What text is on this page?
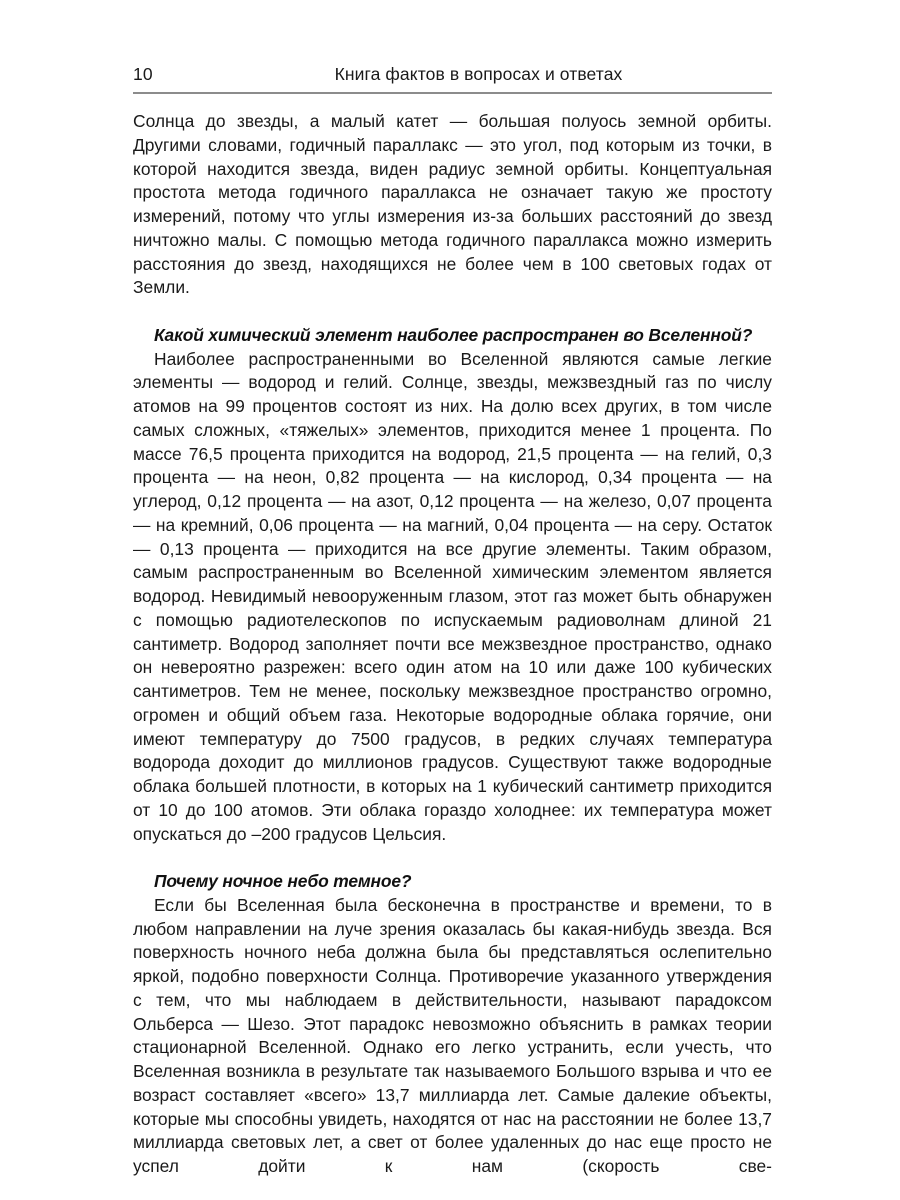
10	Книга фактов в вопросах и ответах

Солнца до звезды, а малый катет — большая полуось земной орбиты. Другими словами, годичный параллакс — это угол, под которым из точки, в которой находится звезда, виден радиус земной орбиты. Концептуальная простота метода годичного параллакса не означает такую же простоту измерений, потому что углы измерения из-за больших расстояний до звезд ничтожно малы. С помощью метода годичного параллакса можно измерить расстояния до звезд, находящихся не более чем в 100 световых годах от Земли.

Какой химический элемент наиболее распространен во Вселенной?

Наиболее распространенными во Вселенной являются самые легкие элементы — водород и гелий. Солнце, звезды, межзвездный газ по числу атомов на 99 процентов состоят из них. На долю всех других, в том числе самых сложных, «тяжелых» элементов, приходится менее 1 процента. По массе 76,5 процента приходится на водород, 21,5 процента — на гелий, 0,3 процента — на неон, 0,82 процента — на кислород, 0,34 процента — на углерод, 0,12 процента — на азот, 0,12 процента — на железо, 0,07 процента — на кремний, 0,06 процента — на магний, 0,04 процента — на серу. Остаток — 0,13 процента — приходится на все другие элементы. Таким образом, самым распространенным во Вселенной химическим элементом является водород. Невидимый невооруженным глазом, этот газ может быть обнаружен с помощью радиотелескопов по испускаемым радиоволнам длиной 21 сантиметр. Водород заполняет почти все межзвездное пространство, однако он невероятно разрежен: всего один атом на 10 или даже 100 кубических сантиметров. Тем не менее, поскольку межзвездное пространство огромно, огромен и общий объем газа. Некоторые водородные облака горячие, они имеют температуру до 7500 градусов, в редких случаях температура водорода доходит до миллионов градусов. Существуют также водородные облака большей плотности, в которых на 1 кубический сантиметр приходится от 10 до 100 атомов. Эти облака гораздо холоднее: их температура может опускаться до –200 градусов Цельсия.

Почему ночное небо темное?

Если бы Вселенная была бесконечна в пространстве и времени, то в любом направлении на луче зрения оказалась бы какая-нибудь звезда. Вся поверхность ночного неба должна была бы представляться ослепительно яркой, подобно поверхности Солнца. Противоречие указанного утверждения с тем, что мы наблюдаем в действительности, называют парадоксом Ольберса — Шезо. Этот парадокс невозможно объяснить в рамках теории стационарной Вселенной. Однако его легко устранить, если учесть, что Вселенная возникла в результате так называемого Большого взрыва и что ее возраст составляет «всего» 13,7 миллиарда лет. Самые далекие объекты, которые мы способны увидеть, находятся от нас на расстоянии не более 13,7 миллиарда световых лет, а свет от более удаленных до нас еще просто не успел дойти к нам (скорость све-
